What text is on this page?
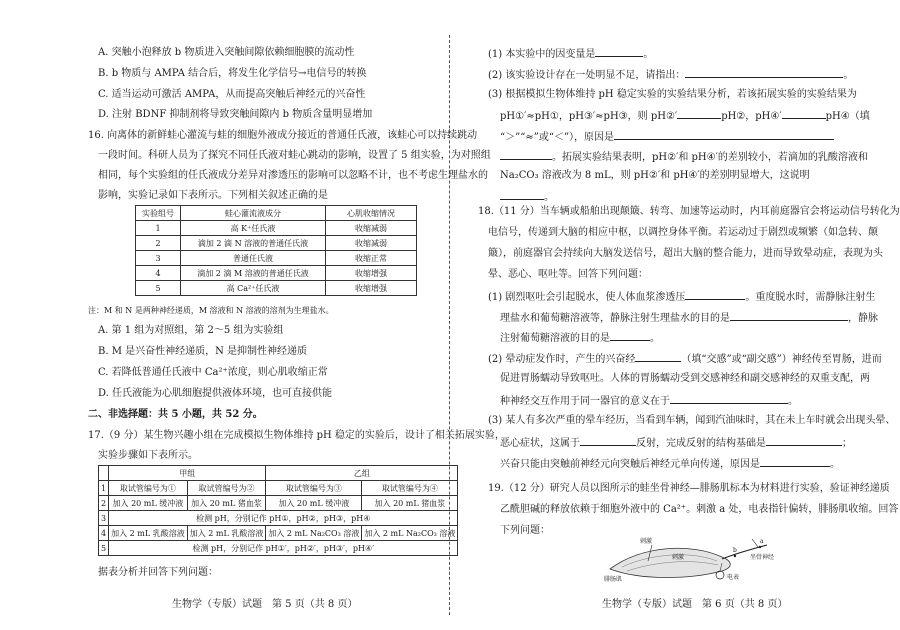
A. 突触小泡释放 b 物质进入突触间隙依赖细胞膜的流动性
B. b 物质与 AMPA 结合后，将发生化学信号→电信号的转换
C. 适当运动可激活 AMPA，从而提高突触后神经元的兴奋性
D. 注射 BDNF 抑制剂将导致突触间隙内 b 物质含量明显增加
16. 向离体的新鲜蛙心灌流与蛙的细胞外液成分接近的普通任氏液，该蛙心可以持续跳动
一段时间。科研人员为了探究不同任氏液对蛙心跳动的影响，设置了 5 组实验，为对照组
相同，每个实验组的任氏液成分差异对渗透压的影响可以忽略不计，也不考虑生理盐水的
影响，实验记录如下表所示。下列相关叙述正确的是
实验组号	蛙心灌流液成分	心肌收缩情况
1	高 K⁺任氏液	收缩减弱
2	滴加 2 滴 N 溶液的普通任氏液	收缩减弱
3	普通任氏液	收缩正常
4	滴加 2 滴 M 溶液的普通任氏液	收缩增强
5	高 Ca²⁺任氏液	收缩增强
注：M 和 N 是两种神经递质，M 溶液和 N 溶液的溶剂为生理盐水。
A. 第 1 组为对照组，第 2～5 组为实验组
B. M 是兴奋性神经递质，N 是抑制性神经递质
C. 若降低普通任氏液中 Ca²⁺浓度，则心肌收缩正常
D. 任氏液能为心肌细胞提供液体环境，也可直接供能
二、非选择题：共 5 小题，共 52 分。
17.（9 分）某生物兴趣小组在完成模拟生物体维持 pH 稳定的实验后，设计了相关拓展实验，
实验步骤如下表所示。
	甲组		乙组	
1	取试管编号为①	取试管编号为②	取试管编号为③	取试管编号为④
2	加入 20 mL 缓冲液	加入 20 mL 猪血浆	加入 20 mL 缓冲液	加入 20 mL 猪血浆
3	检测 pH，分别记作 pH①，pH②，pH③，pH④			
4	加入 2 mL 乳酸溶液	加入 2 mL 乳酸溶液	加入 2 mL Na₂CO₃ 溶液	加入 2 mL Na₂CO₃ 溶液
5	检测 pH，分别记作 pH①′，pH②′，pH③′，pH④′			
据表分析并回答下列问题：
生物学（专版）试题　第 5 页（共 8 页）
(1) 本实验中的因变量是	。
(2) 该实验设计存在一处明显不足，请指出：	。
(3) 根据模拟生物体维持 pH 稳定实验的实验结果分析，若该拓展实验的实验结果为
pH①′≈pH①，pH③′≈pH③，则 pH②′	pH②，pH④′	pH④（填
“＞”“≈”或“＜”），原因是
。拓展实验结果表明，pH②′和 pH④′的差别较小，若滴加的乳酸溶液和
Na₂CO₃ 溶液改为 8 mL，则 pH②′和 pH④′的差别明显增大，这说明
。
18.（11 分）当车辆或船舶出现颠簸、转弯、加速等运动时，内耳前庭器官会将运动信号转化为
电信号，传递到大脑的相应中枢，以调控身体平衡。若运动过于剧烈或频繁（如急转、颠
簸），前庭器官会持续向大脑发送信号，超出大脑的整合能力，进而导致晕动症，表现为头
晕、恶心、呕吐等。回答下列问题：
(1) 剧烈呕吐会引起脱水，使人体血浆渗透压	。重度脱水时，需静脉注射生
理盐水和葡萄糖溶液等，静脉注射生理盐水的目的是	，静脉
注射葡萄糖溶液的目的是	。
(2) 晕动症发作时，产生的兴奋经	（填“交感”或“副交感”）神经传至胃肠，进而
促进胃肠蠕动导致呕吐。人体的胃肠蠕动受到交感神经和副交感神经的双重支配，两
种神经交互作用于同一器官的意义在于	。
(3) 某人有多次严重的晕车经历，当看到车辆，闻到汽油味时，其在未上车时就会出现头晕、
恶心症状，这属于	反射，完成反射的结构基础是	；
兴奋只能由突触前神经元向突触后神经元单向传递，原因是	。
19.（12 分）研究人员以图所示的蛙坐骨神经—腓肠肌标本为材料进行实验，验证神经递质
乙酰胆碱的释放依赖于细胞外液中的 Ca²⁺。刺激 a 处，电表指针偏转，腓肠肌收缩。回答
下列问题：
刺激
刺激
a
b
坐骨神经
电表
腓肠肌
生物学（专版）试题　第 6 页（共 8 页）
